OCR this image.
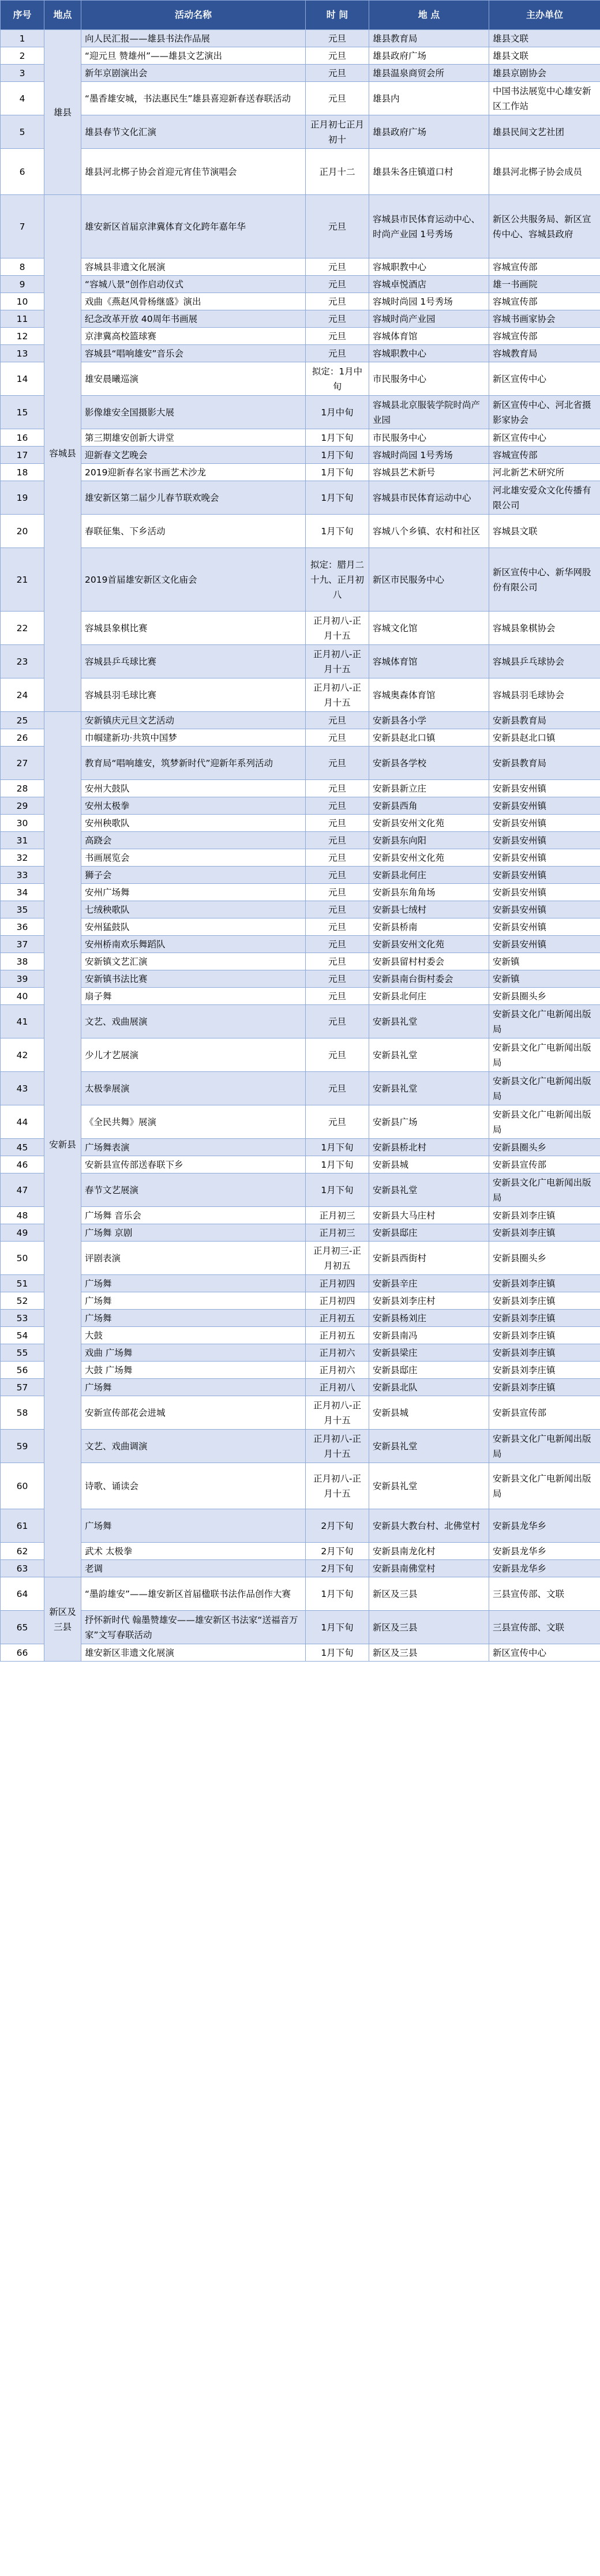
序号	地点	活动名称	时 间	地 点	主办单位
1	雄县	向人民汇报——雄县书法作品展	元旦	雄县教育局	雄县文联
2		“迎元旦 赞雄州”——雄县文艺演出	元旦	雄县政府广场	雄县文联
3		新年京剧演出会	元旦	雄县温泉商贸会所	雄县京剧协会
4		“墨香雄安城，书法惠民生”雄县喜迎新春送春联活动	元旦	雄县内	中国书法展览中心雄安新区工作站
5		雄县春节文化汇演	正月初七正月初十	雄县政府广场	雄县民间文艺社团
6		雄县河北梆子协会首迎元宵佳节演唱会	正月十二	雄县朱各庄镇道口村	雄县河北梆子协会成员
7	容城县	雄安新区首届京津冀体育文化跨年嘉年华	元旦	容城县市民体育运动中心、时尚产业园 1号秀场	新区公共服务局、新区宣传中心、容城县政府
8		容城县非遗文化展演	元旦	容城职教中心	容城宣传部
9		“容城八景”创作启动仪式	元旦	容城卓悦酒店	雄一书画院
10		戏曲《燕赵风骨杨继盛》演出	元旦	容城时尚园 1号秀场	容城宣传部
11		纪念改革开放 40周年书画展	元旦	容城时尚产业园	容城书画家协会
12		京津冀高校篮球赛	元旦	容城体育馆	容城宣传部
13		容城县“唱响雄安”音乐会	元旦	容城职教中心	容城教育局
14		雄安晨曦巡演	拟定：1月中旬	市民服务中心	新区宣传中心
15		影像雄安全国摄影大展	1月中旬	容城县北京服装学院时尚产业园	新区宣传中心、河北省摄影家协会
16		第三期雄安创新大讲堂	1月下旬	市民服务中心	新区宣传中心
17		迎新春文艺晚会	1月下旬	容城时尚园 1号秀场	容城宣传部
18		2019迎新春名家书画艺术沙龙	1月下旬	容城县艺术新号	河北新艺术研究所
19		雄安新区第二届少儿春节联欢晚会	1月下旬	容城县市民体育运动中心	河北雄安爱众文化传播有限公司
20		春联征集、下乡活动	1月下旬	容城八个乡镇、农村和社区	容城县文联
21		2019首届雄安新区文化庙会	拟定：腊月二十九、正月初八	新区市民服务中心	新区宣传中心、新华网股份有限公司
22		容城县象棋比赛	正月初八-正月十五	容城文化馆	容城县象棋协会
23		容城县乒乓球比赛	正月初八-正月十五	容城体育馆	容城县乒乓球协会
24		容城县羽毛球比赛	正月初八-正月十五	容城奥森体育馆	容城县羽毛球协会
25	安新县	安新镇庆元旦文艺活动	元旦	安新县各小学	安新县教育局
26		巾帼建新功·共筑中国梦	元旦	安新县赵北口镇	安新县赵北口镇
27		教育局“唱响雄安，筑梦新时代”迎新年系列活动	元旦	安新县各学校	安新县教育局
28		安州大鼓队	元旦	安新县新立庄	安新县安州镇
29		安州太极拳	元旦	安新县西角	安新县安州镇
30		安州秧歌队	元旦	安新县安州文化苑	安新县安州镇
31		高跷会	元旦	安新县东向阳	安新县安州镇
32		书画展览会	元旦	安新县安州文化苑	安新县安州镇
33		狮子会	元旦	安新县北何庄	安新县安州镇
34		安州广场舞	元旦	安新县东角角场	安新县安州镇
35		七绒秧歌队	元旦	安新县七绒村	安新县安州镇
36		安州猛鼓队	元旦	安新县桥南	安新县安州镇
37		安州桥南欢乐舞蹈队	元旦	安新县安州文化苑	安新县安州镇
38		安新镇文艺汇演	元旦	安新县留村村委会	安新镇
39		安新镇书法比赛	元旦	安新县南台街村委会	安新镇
40		扇子舞	元旦	安新县北何庄	安新县圈头乡
41		文艺、戏曲展演	元旦	安新县礼堂	安新县文化广电新闻出版局
42		少儿才艺展演	元旦	安新县礼堂	安新县文化广电新闻出版局
43		太极拳展演	元旦	安新县礼堂	安新县文化广电新闻出版局
44		《全民共舞》展演	元旦	安新县广场	安新县文化广电新闻出版局
45		广场舞表演	1月下旬	安新县桥北村	安新县圈头乡
46		安新县宣传部送春联下乡	1月下旬	安新县城	安新县宣传部
47		春节文艺展演	1月下旬	安新县礼堂	安新县文化广电新闻出版局
48		广场舞 音乐会	正月初三	安新县大马庄村	安新县刘李庄镇
49		广场舞 京剧	正月初三	安新县邸庄	安新县刘李庄镇
50		评剧表演	正月初三-正月初五	安新县西街村	安新县圈头乡
51		广场舞	正月初四	安新县辛庄	安新县刘李庄镇
52		广场舞	正月初四	安新县刘李庄村	安新县刘李庄镇
53		广场舞	正月初五	安新县杨刘庄	安新县刘李庄镇
54		大鼓	正月初五	安新县南冯	安新县刘李庄镇
55		戏曲 广场舞	正月初六	安新县梁庄	安新县刘李庄镇
56		大鼓 广场舞	正月初六	安新县邸庄	安新县刘李庄镇
57		广场舞	正月初八	安新县北队	安新县刘李庄镇
58		安新宣传部花会进城	正月初八-正月十五	安新县城	安新县宣传部
59		文艺、戏曲调演	正月初八-正月十五	安新县礼堂	安新县文化广电新闻出版局
60		诗歌、诵读会	正月初八-正月十五	安新县礼堂	安新县文化广电新闻出版局
61		广场舞	2月下旬	安新县大教台村、北佛堂村	安新县龙华乡
62		武术 太极拳	2月下旬	安新县南龙化村	安新县龙华乡
63		老调	2月下旬	安新县南佛堂村	安新县龙华乡
64	新区及三县	“墨韵雄安”——雄安新区首届楹联书法作品创作大赛	1月下旬	新区及三县	三县宣传部、文联
65		抒怀新时代 翰墨赞雄安——雄安新区书法家“送福音万家”文写春联活动	1月下旬	新区及三县	三县宣传部、文联
66		雄安新区非遗文化展演	1月下旬	新区及三县	新区宣传中心
